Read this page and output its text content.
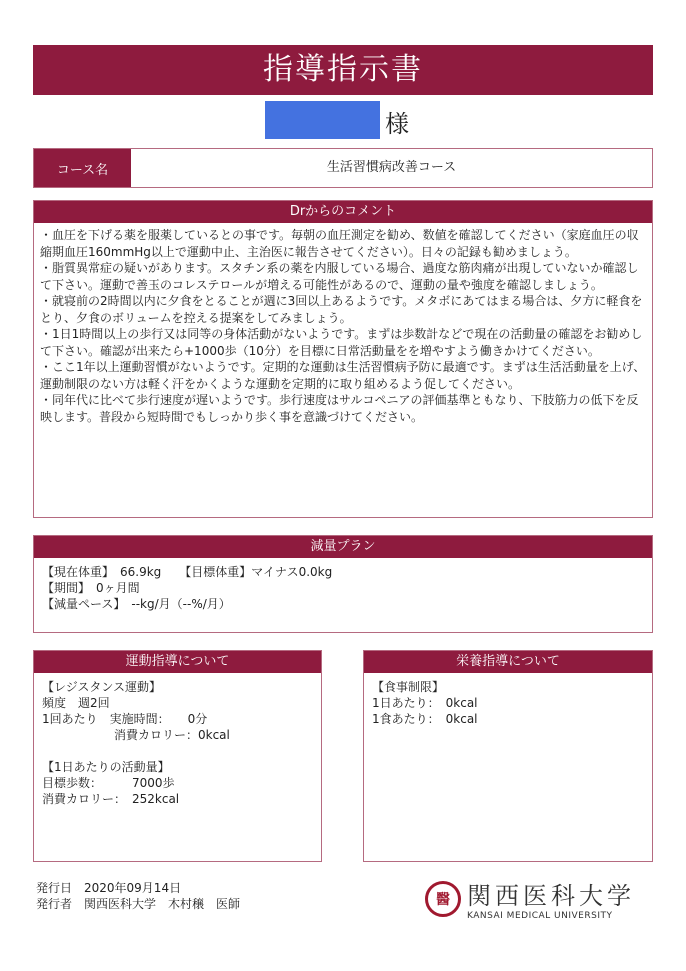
指導指示書
様
コース名	生活習慣病改善コース
Drからのコメント
・血圧を下げる薬を服薬しているとの事です。毎朝の血圧測定を勧め、数値を確認してください（家庭血圧の収縮期血圧160mmHg以上で運動中止、主治医に報告させてください）。日々の記録も勧めましょう。
・脂質異常症の疑いがあります。スタチン系の薬を内服している場合、過度な筋肉痛が出現していないか確認して下さい。運動で善玉のコレステロールが増える可能性があるので、運動の量や強度を確認しましょう。
・就寝前の2時間以内に夕食をとることが週に3回以上あるようです。メタボにあてはまる場合は、夕方に軽食をとり、夕食のボリュームを控える提案をしてみましょう。
・1日1時間以上の歩行又は同等の身体活動がないようです。まずは歩数計などで現在の活動量の確認をお勧めして下さい。確認が出来たら+1000歩（10分）を目標に日常活動量をを増やすよう働きかけてください。
・ここ1年以上運動習慣がないようです。定期的な運動は生活習慣病予防に最適です。まずは生活活動量を上げ、運動制限のない方は軽く汗をかくような運動を定期的に取り組めるよう促してください。
・同年代に比べて歩行速度が遅いようです。歩行速度はサルコペニアの評価基準ともなり、下肢筋力の低下を反映します。普段から短時間でもしっかり歩く事を意識づけてください。
減量プラン
【現在体重】　66.9kg　　【目標体重】マイナス0.0kg
【期間】　0ヶ月間
【減量ペース】　--kg/月（--%/月）
運動指導について
【レジスタンス運動】
頻度　週2回
1回あたり　実施時間：　　0分
　　　　　　消費カロリー：0kcal

【1日あたりの活動量】
目標歩数：　　　7000歩
消費カロリー：　252kcal
栄養指導について
【食事制限】
1日あたり：　0kcal
1食あたり：　0kcal
発行日　2020年09月14日
発行者　関西医科大学　木村穣　医師	醫 関西医科大学
KANSAI MEDICAL UNIVERSITY
